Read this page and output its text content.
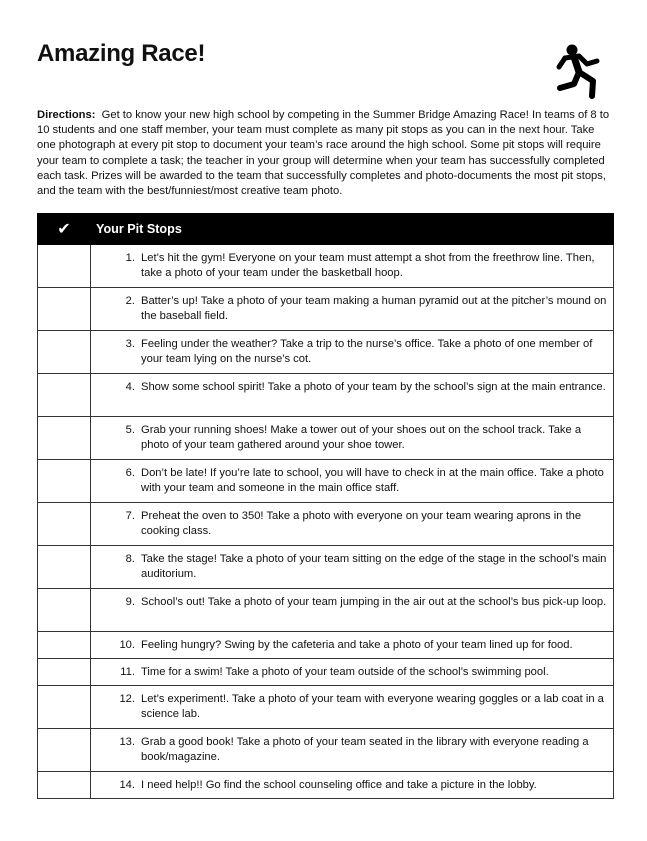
Amazing Race!

Directions: Get to know your new high school by competing in the Summer Bridge Amazing Race! In teams of 8 to 10 students and one staff member, your team must complete as many pit stops as you can in the next hour. Take one photograph at every pit stop to document your team’s race around the high school. Some pit stops will require your team to complete a task; the teacher in your group will determine when your team has successfully completed each task. Prizes will be awarded to the team that successfully completes and photo-documents the most pit stops, and the team with the best/funniest/most creative team photo.

✔	Your Pit Stops

	1. Let’s hit the gym! Everyone on your team must attempt a shot from the freethrow line. Then, take a photo of your team under the basketball hoop.

	2. Batter’s up! Take a photo of your team making a human pyramid out at the pitcher’s mound on the baseball field.

	3. Feeling under the weather? Take a trip to the nurse’s office. Take a photo of one member of your team lying on the nurse’s cot.

	4. Show some school spirit! Take a photo of your team by the school’s sign at the main entrance.

	5. Grab your running shoes! Make a tower out of your shoes out on the school track. Take a photo of your team gathered around your shoe tower.

	6. Don’t be late! If you’re late to school, you will have to check in at the main office. Take a photo with your team and someone in the main office staff.

	7. Preheat the oven to 350! Take a photo with everyone on your team wearing aprons in the cooking class.

	8. Take the stage! Take a photo of your team sitting on the edge of the stage in the school’s main auditorium.

	9. School’s out! Take a photo of your team jumping in the air out at the school’s bus pick-up loop.

	10. Feeling hungry? Swing by the cafeteria and take a photo of your team lined up for food.

	11. Time for a swim! Take a photo of your team outside of the school’s swimming pool.

	12. Let’s experiment!. Take a photo of your team with everyone wearing goggles or a lab coat in a science lab.

	13. Grab a good book! Take a photo of your team seated in the library with everyone reading a book/magazine.

	14. I need help!! Go find the school counseling office and take a picture in the lobby.
